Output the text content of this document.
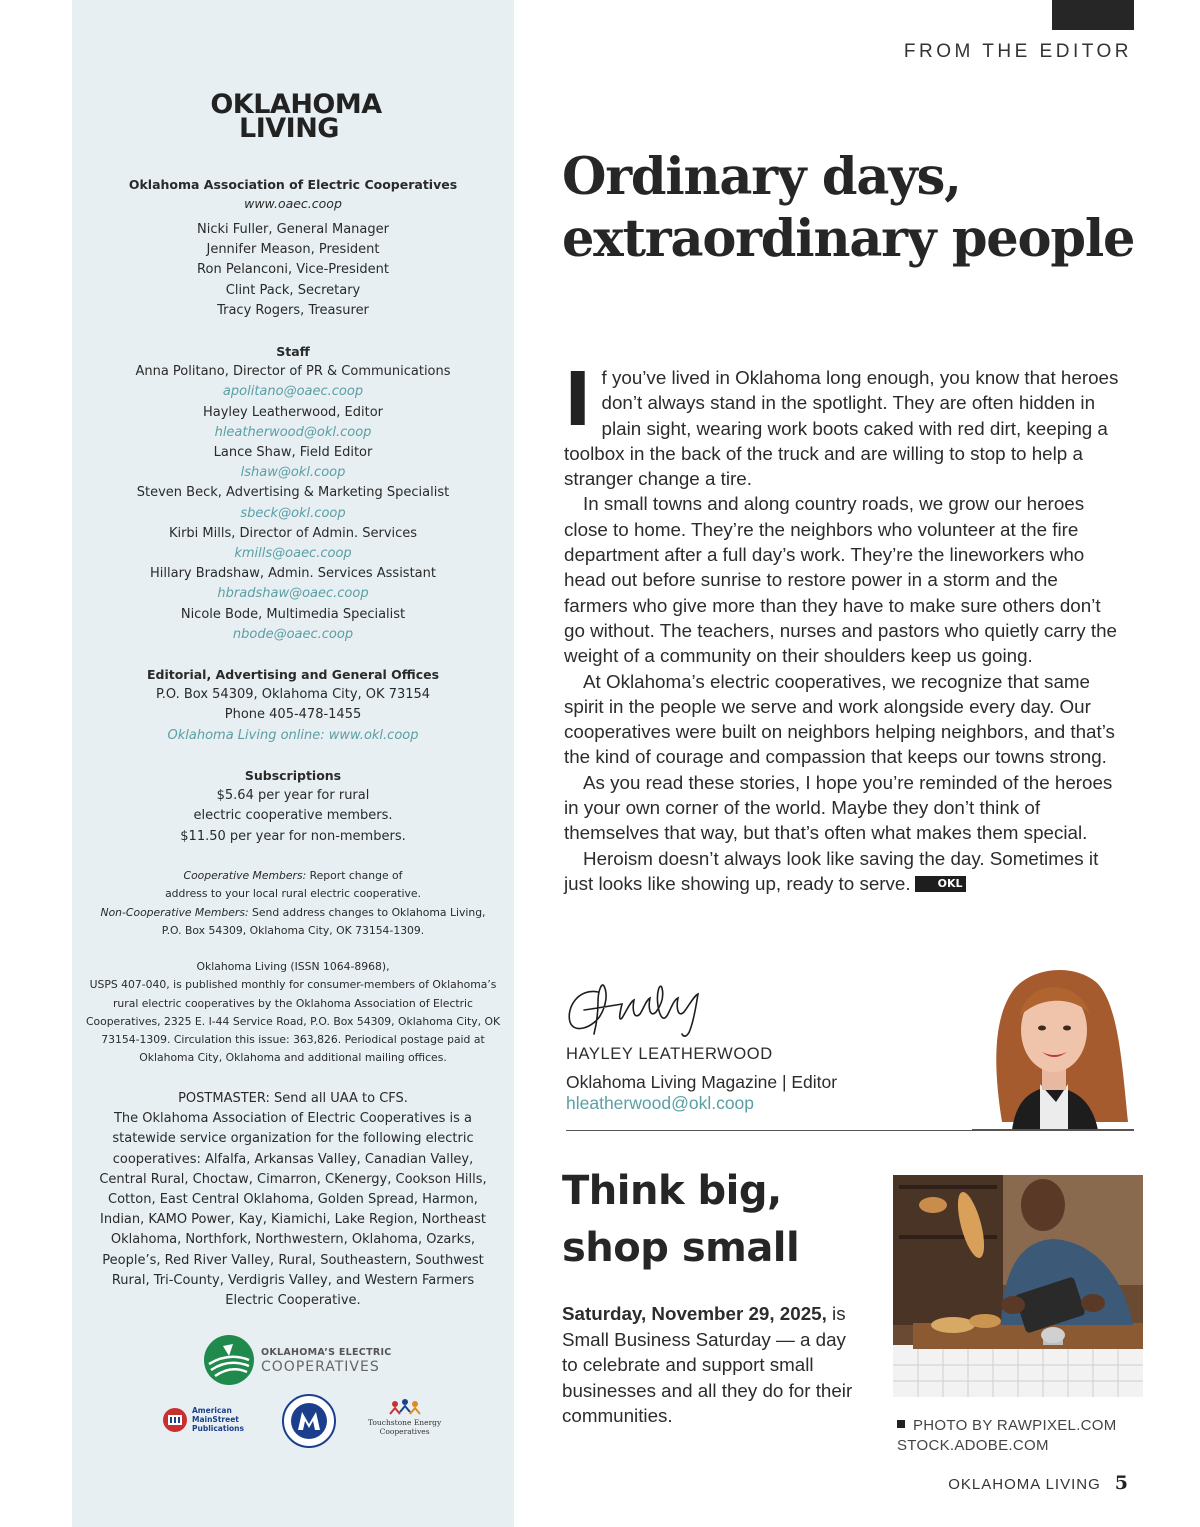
OKLAHOMA
LIVING

Oklahoma Association of Electric Cooperatives

www.oaec.coop

Nicki Fuller, General Manager

Jennifer Meason, President

Ron Pelanconi, Vice-President

Clint Pack, Secretary

Tracy Rogers, Treasurer

Staff

Anna Politano, Director of PR & Communications

apolitano@oaec.coop

Hayley Leatherwood, Editor

hleatherwood@okl.coop

Lance Shaw, Field Editor

lshaw@okl.coop

Steven Beck, Advertising & Marketing Specialist

sbeck@okl.coop

Kirbi Mills, Director of Admin. Services

kmills@oaec.coop

Hillary Bradshaw, Admin. Services Assistant

hbradshaw@oaec.coop

Nicole Bode, Multimedia Specialist

nbode@oaec.coop

Editorial, Advertising and General Offices

P.O. Box 54309, Oklahoma City, OK 73154

Phone 405-478-1455

Oklahoma Living online: www.okl.coop

Subscriptions

$5.64 per year for rural

electric cooperative members.

$11.50 per year for non-members.

Cooperative Members: Report change of

address to your local rural electric cooperative.

Non-Cooperative Members: Send address changes to Oklahoma Living,

P.O. Box 54309, Oklahoma City, OK 73154-1309.

Oklahoma Living (ISSN 1064-8968),

USPS 407-040, is published monthly for consumer-members of Oklahoma’s rural electric cooperatives by the Oklahoma Association of Electric Cooperatives, 2325 E. I-44 Service Road, P.O. Box 54309, Oklahoma City, OK 73154-1309. Circulation this issue: 363,826. Periodical postage paid at Oklahoma City, Oklahoma and additional mailing offices.

POSTMASTER: Send all UAA to CFS.

The Oklahoma Association of Electric Cooperatives is a statewide service organization for the following electric cooperatives: Alfalfa, Arkansas Valley, Canadian Valley, Central Rural, Choctaw, Cimarron, CKenergy, Cookson Hills, Cotton, East Central Oklahoma, Golden Spread, Harmon, Indian, KAMO Power, Kay, Kiamichi, Lake Region, Northeast Oklahoma, Northfork, Northwestern, Oklahoma, Ozarks, People’s, Red River Valley, Rural, Southeastern, Southwest Rural, Tri-County, Verdigris Valley, and Western Farmers Electric Cooperative.

OKLAHOMA’S ELECTRIC
COOPERATIVES
American
MainStreet
Publications
Touchstone Energy
Cooperatives
FROM THE EDITOR
Ordinary days, extraordinary people

If you’ve lived in Oklahoma long enough, you know that heroes don’t always stand in the spotlight. They are often hidden in plain sight, wearing work boots caked with red dirt, keeping a toolbox in the back of the truck and are willing to stop to help a stranger change a tire.

In small towns and along country roads, we grow our heroes close to home. They’re the neighbors who volunteer at the fire department after a full day’s work. They’re the lineworkers who head out before sunrise to restore power in a storm and the farmers who give more than they have to make sure others don’t go without. The teachers, nurses and pastors who quietly carry the weight of a community on their shoulders keep us going.

At Oklahoma’s electric cooperatives, we recognize that same spirit in the people we serve and work alongside every day. Our cooperatives were built on neighbors helping neighbors, and that’s the kind of courage and compassion that keeps our towns strong.

As you read these stories, I hope you’re reminded of the heroes in your own corner of the world. Maybe they don’t think of themselves that way, but that’s often what makes them special.

Heroism doesn’t always look like saving the day. Sometimes it just looks like showing up, ready to serve. OKL

HAYLEY LEATHERWOOD
Oklahoma Living Magazine | Editor
hleatherwood@okl.coop
Think big,
shop small
Saturday, November 29, 2025, is Small Business Saturday — a day to celebrate and support small businesses and all they do for their communities.	PHOTO BY RAWPIXEL.COM
STOCK.ADOBE.COM
OKLAHOMA LIVING 5
